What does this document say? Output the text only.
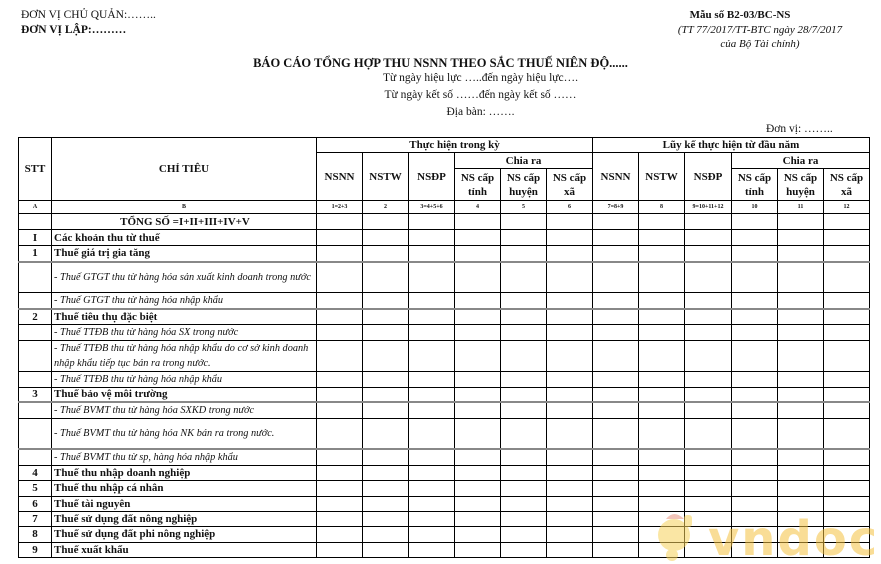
ĐƠN VỊ CHỦ QUẢN:……..
ĐƠN VỊ LẬP:………
Mẫu số B2-03/BC-NS
(TT 77/2017/TT-BTC ngày 28/7/2017
của Bộ Tài chính)
BÁO CÁO TỔNG HỢP THU NSNN THEO SẮC THUẾ NIÊN ĐỘ......
Từ ngày hiệu lực …..đến ngày hiệu lực….
Từ ngày kết số ……đến ngày kết số ……
Địa bàn: …….
Đơn vị: ……..
STT	CHỈ TIÊU	Thực hiện trong kỳ						Lũy kế thực hiện từ đầu năm					
		NSNN	NSTW	NSĐP	Chia ra			NSNN	NSTW	NSĐP	Chia ra		
					NS cấp tỉnh	NS cấp huyện	NS cấp xã				NS cấp tỉnh	NS cấp huyện	NS cấp xã
A	B	1=2+3	2	3=4+5+6	4	5	6	7=8+9	8	9=10+11+12	10	11	12
	TỔNG SỐ =I+II+III+IV+V												
I	Các khoản thu từ thuế												
1	Thuế giá trị gia tăng												
	- Thuế GTGT thu từ hàng hóa sản xuất kinh doanh trong nước												
	- Thuế GTGT thu từ hàng hóa nhập khẩu												
2	Thuế tiêu thụ đặc biệt												
	- Thuế TTĐB thu từ hàng hóa SX trong nước												
	- Thuế TTĐB thu từ hàng hóa nhập khẩu do cơ sở kinh doanh nhập khẩu tiếp tục bán ra trong nước.												
	- Thuế TTĐB thu từ hàng hóa nhập khẩu												
3	Thuế bảo vệ môi trường												
	- Thuế BVMT thu từ hàng hóa SXKD trong nước												
	- Thuế BVMT thu từ hàng hóa NK bán ra trong nước.												
	- Thuế BVMT thu từ sp, hàng hóa nhập khẩu												
4	Thuế thu nhập doanh nghiệp												
5	Thuế thu nhập cá nhân												
6	Thuế tài nguyên												
7	Thuế sử dụng đất nông nghiệp												
8	Thuế sử dụng đất phi nông nghiệp												
9	Thuế xuất khẩu													vndoc
